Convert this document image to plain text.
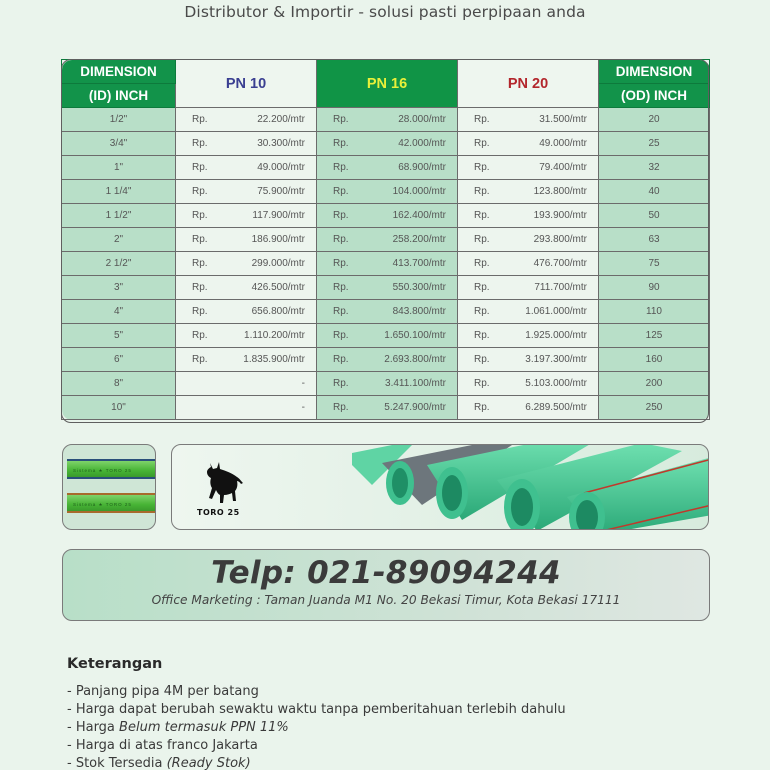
Distributor & Importir - solusi pasti perpipaan anda
DIMENSION	PN 10	PN 16	PN 20	DIMENSION
(ID) INCH				(OD) INCH
1/2"	Rp. 22.200/mtr	Rp. 28.000/mtr	Rp. 31.500/mtr	20
3/4"	Rp. 30.300/mtr	Rp. 42.000/mtr	Rp. 49.000/mtr	25
1"	Rp. 49.000/mtr	Rp. 68.900/mtr	Rp. 79.400/mtr	32
1 1/4"	Rp. 75.900/mtr	Rp. 104.000/mtr	Rp. 123.800/mtr	40
1 1/2"	Rp. 117.900/mtr	Rp. 162.400/mtr	Rp. 193.900/mtr	50
2"	Rp. 186.900/mtr	Rp. 258.200/mtr	Rp. 293.800/mtr	63
2 1/2"	Rp. 299.000/mtr	Rp. 413.700/mtr	Rp. 476.700/mtr	75
3"	Rp. 426.500/mtr	Rp. 550.300/mtr	Rp. 711.700/mtr	90
4"	Rp. 656.800/mtr	Rp. 843.800/mtr	Rp. 1.061.000/mtr	110
5"	Rp. 1.110.200/mtr	Rp. 1.650.100/mtr	Rp. 1.925.000/mtr	125
6"	Rp. 1.835.900/mtr	Rp. 2.693.800/mtr	Rp. 3.197.300/mtr	160
8"	-	Rp. 3.411.100/mtr	Rp. 5.103.000/mtr	200
10"	-	Rp. 5.247.900/mtr	Rp. 6.289.500/mtr	250
Sistema ★ TORO 25
Sistema ★ TORO 25
TORO 25
Telp: 021-89094244
Office Marketing : Taman Juanda M1 No. 20 Bekasi Timur, Kota Bekasi 17111
Keterangan
- Panjang pipa 4M per batang
- Harga dapat berubah sewaktu waktu tanpa pemberitahuan terlebih dahulu
- Harga Belum termasuk PPN 11%
- Harga di atas franco Jakarta
- Stok Tersedia (Ready Stok)
